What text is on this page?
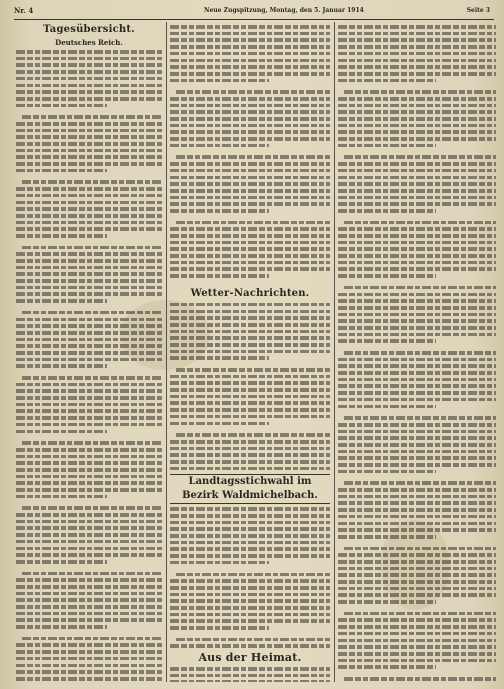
Nr. 4	Neue Zugspitzung, Montag, den 5. Januar 1914	Seite 3
Tagesübersicht.
Deutsches Reich.
Wetter-Nachrichten.
Landtagsstichwahl im Bezirk Waldmichelbach.
Aus der Heimat.
